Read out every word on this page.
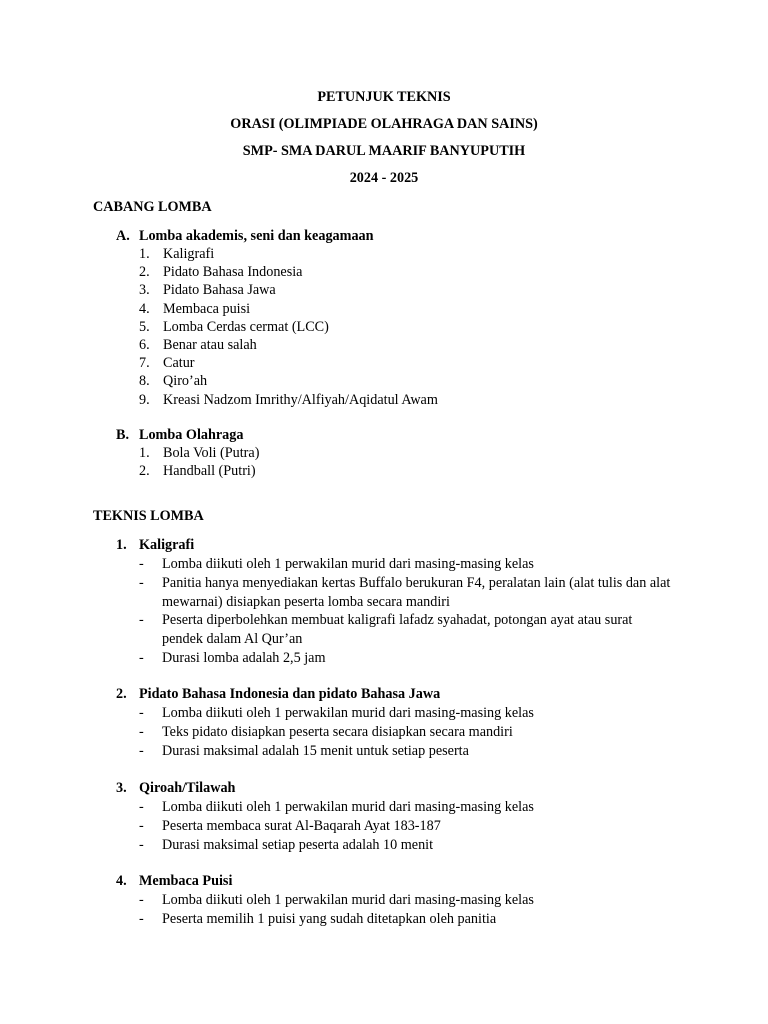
PETUNJUK TEKNIS
ORASI (OLIMPIADE OLAHRAGA DAN SAINS)
SMP- SMA DARUL MAARIF BANYUPUTIH
2024 - 2025
CABANG LOMBA
A. Lomba akademis, seni dan keagamaan
1. Kaligrafi
2. Pidato Bahasa Indonesia
3. Pidato Bahasa Jawa
4. Membaca puisi
5. Lomba Cerdas cermat (LCC)
6. Benar atau salah
7. Catur
8. Qiro’ah
9. Kreasi Nadzom Imrithy/Alfiyah/Aqidatul Awam
B. Lomba Olahraga
1. Bola Voli (Putra)
2. Handball (Putri)
TEKNIS LOMBA
1. Kaligrafi
-	Lomba diikuti oleh 1 perwakilan murid dari masing-masing kelas
-	Panitia hanya menyediakan kertas Buffalo berukuran F4, peralatan lain (alat tulis dan alat mewarnai) disiapkan peserta lomba secara mandiri
-	Peserta diperbolehkan membuat kaligrafi lafadz syahadat, potongan ayat atau surat pendek dalam Al Qur’an
-	Durasi lomba adalah 2,5 jam
2. Pidato Bahasa Indonesia dan pidato Bahasa Jawa
-	Lomba diikuti oleh 1 perwakilan murid dari masing-masing kelas
-	Teks pidato disiapkan peserta secara disiapkan secara mandiri
-	Durasi maksimal adalah 15 menit untuk setiap peserta
3. Qiroah/Tilawah
-	Lomba diikuti oleh 1 perwakilan murid dari masing-masing kelas
-	Peserta membaca surat Al-Baqarah Ayat 183-187
-	Durasi maksimal setiap peserta adalah 10 menit
4. Membaca Puisi
-	Lomba diikuti oleh 1 perwakilan murid dari masing-masing kelas
-	Peserta memilih 1 puisi yang sudah ditetapkan oleh panitia
